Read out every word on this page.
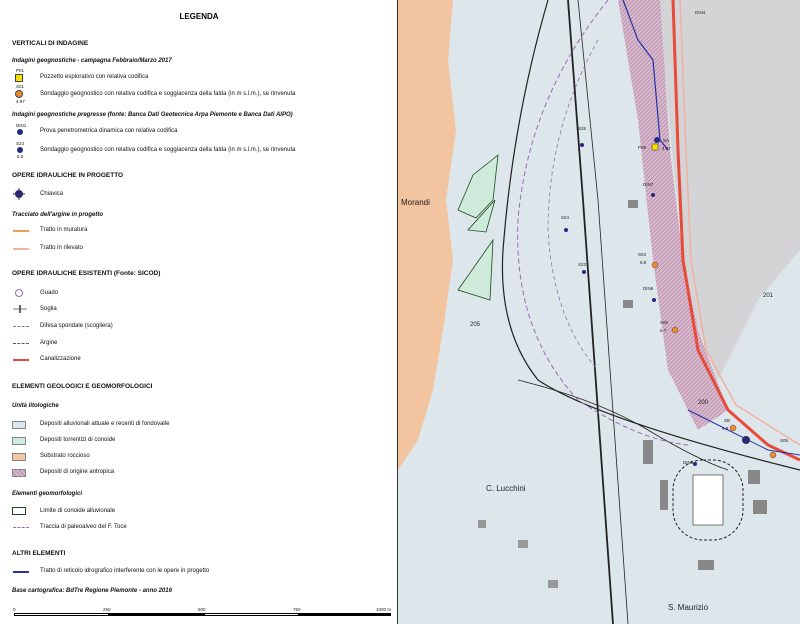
LEGENDA
VERTICALI DI INDAGINE
Indagini geognostiche - campagna Febbraio/Marzo 2017
P01
Pozzetto esplorativo con relativa codifica
S01
4.97
Sondaggio geognostico con relativa codifica e soggiacenza della falda (in m s.l.m.), se rinvenuta
Indagini geognostiche pregresse (fonte: Banca Dati Geotecnica Arpa Piemonte e Banca Dati AIPO)
DIN1
Prova penetrometrica dinamica con relativa codifica
S23
5.5
Sondaggio geognostico con relativa codifica e soggiacenza della falda (in m s.l.m.), se rinvenuta
OPERE IDRAULICHE IN PROGETTO
Chiavica
Tracciato dell'argine in progetto
Tratto in muratura
Tratto in rilevato
OPERE IDRAULICHE ESISTENTI (Fonte: SICOD)
Guado
Soglia
Difesa spondale (scogliera)
Argine
Canalizzazione
ELEMENTI GEOLOGICI E GEOMORFOLOGICI
Unità litologiche
Depositi alluvionali attuale e recenti di fondovalle
Depositi torrentizi di conoide
Substrato roccioso
Depositi di origine antropica
Elementi geomorfologici
Limite di conoide alluvionale
Traccia di paleoalveo del F. Toce
ALTRI ELEMENTI
Tratto di reticolo idrografico interferente con le opere in progetto
Base cartografica: BdTre Regione Piemonte - anno 2016
0	250	500	750	1000 m
Morandi
C. Lucchini
S. Maurizio
205
201
200
DIN4
SA
4.97
P09
DIN7
S25
S24
S23
S04
6.8
DIN6
S05
6.7
SB
6.8
S06
DIN5
